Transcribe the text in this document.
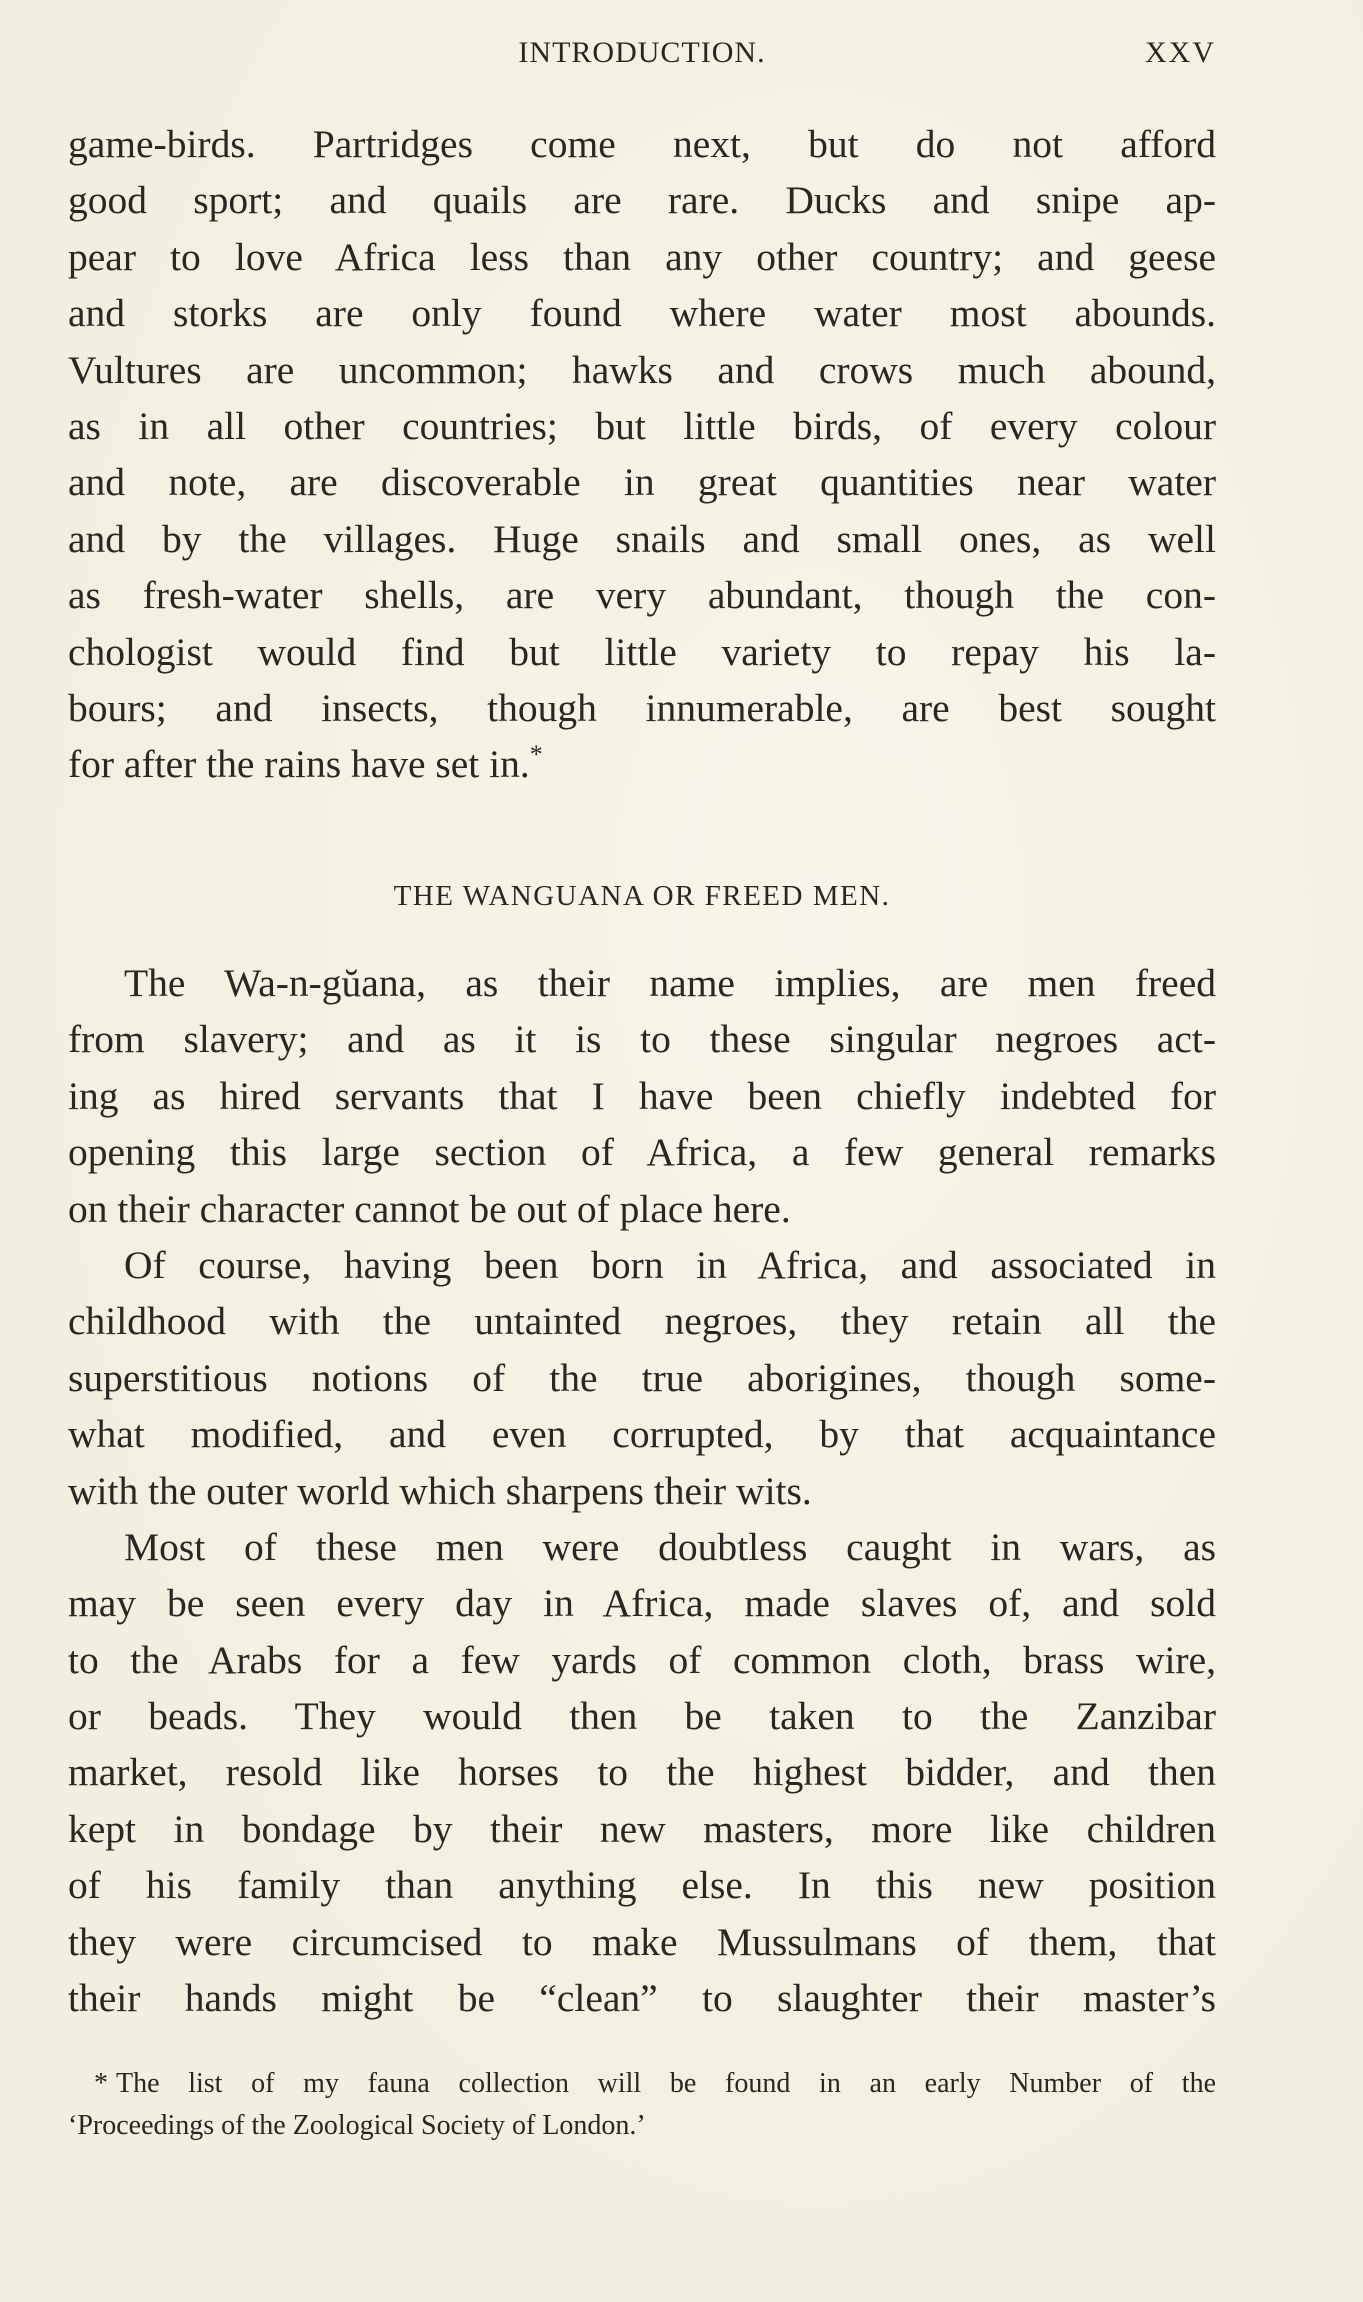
INTRODUCTION.	XXV
game-birds. Partridges come next, but do not afford
good sport; and quails are rare. Ducks and snipe ap-
pear to love Africa less than any other country; and geese
and storks are only found where water most abounds.
Vultures are uncommon; hawks and crows much abound,
as in all other countries; but little birds, of every colour
and note, are discoverable in great quantities near water
and by the villages. Huge snails and small ones, as well
as fresh-water shells, are very abundant, though the con-
chologist would find but little variety to repay his la-
bours; and insects, though innumerable, are best sought
for after the rains have set in.*
THE WANGUANA OR FREED MEN.
The Wa-n-gŭana, as their name implies, are men freed
from slavery; and as it is to these singular negroes act-
ing as hired servants that I have been chiefly indebted for
opening this large section of Africa, a few general remarks
on their character cannot be out of place here.
Of course, having been born in Africa, and associated in
childhood with the untainted negroes, they retain all the
superstitious notions of the true aborigines, though some-
what modified, and even corrupted, by that acquaintance
with the outer world which sharpens their wits.
Most of these men were doubtless caught in wars, as
may be seen every day in Africa, made slaves of, and sold
to the Arabs for a few yards of common cloth, brass wire,
or beads. They would then be taken to the Zanzibar
market, resold like horses to the highest bidder, and then
kept in bondage by their new masters, more like children
of his family than anything else. In this new position
they were circumcised to make Mussulmans of them, that
their hands might be “clean” to slaughter their master’s
* The list of my fauna collection will be found in an early Number of the
‘Proceedings of the Zoological Society of London.’
